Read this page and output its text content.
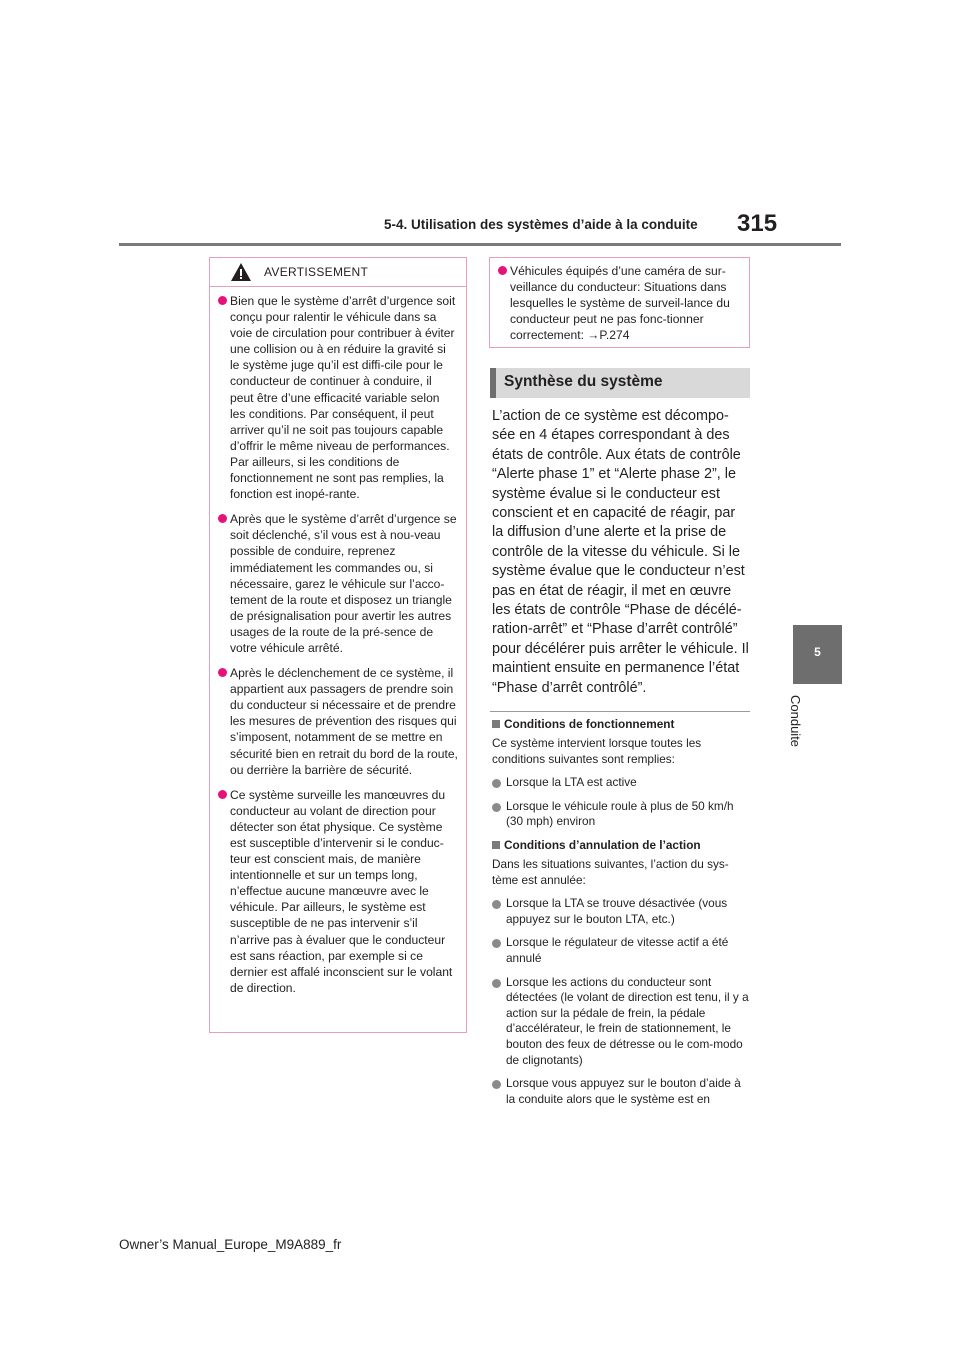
5-4. Utilisation des systèmes d’aide à la conduite 315
5
Conduite
AVERTISSEMENT
Bien que le système d’arrêt d’urgence soit conçu pour ralentir le véhicule dans sa voie de circulation pour contribuer à éviter une collision ou à en réduire la gravité si le système juge qu’il est diffi-cile pour le conducteur de continuer à conduire, il peut être d’une efficacité variable selon les conditions. Par conséquent, il peut arriver qu’il ne soit pas toujours capable d’offrir le même niveau de performances. Par ailleurs, si les conditions de fonctionnement ne sont pas remplies, la fonction est inopé-rante.
Après que le système d’arrêt d’urgence se soit déclenché, s’il vous est à nou-veau possible de conduire, reprenez immédiatement les commandes ou, si nécessaire, garez le véhicule sur l’acco-tement de la route et disposez un triangle de présignalisation pour avertir les autres usages de la route de la pré-sence de votre véhicule arrêté.
Après le déclenchement de ce système, il appartient aux passagers de prendre soin du conducteur si nécessaire et de prendre les mesures de prévention des risques qui s’imposent, notamment de se mettre en sécurité bien en retrait du bord de la route, ou derrière la barrière de sécurité.
Ce système surveille les manœuvres du conducteur au volant de direction pour détecter son état physique. Ce système est susceptible d’intervenir si le conduc-teur est conscient mais, de manière intentionnelle et sur un temps long, n’effectue aucune manœuvre avec le véhicule. Par ailleurs, le système est susceptible de ne pas intervenir s’il n’arrive pas à évaluer que le conducteur est sans réaction, par exemple si ce dernier est affalé inconscient sur le volant de direction.
Véhicules équipés d’une caméra de sur-veillance du conducteur: Situations dans lesquelles le système de surveil-lance du conducteur peut ne pas fonc-tionner correctement: →P.274
Synthèse du système

L’action de ce système est décompo-sée en 4 étapes correspondant à des états de contrôle. Aux états de contrôle “Alerte phase 1” et “Alerte phase 2”, le système évalue si le conducteur est conscient et en capacité de réagir, par la diffusion d’une alerte et la prise de contrôle de la vitesse du véhicule. Si le système évalue que le conducteur n’est pas en état de réagir, il met en œuvre les états de contrôle “Phase de décélé-ration-arrêt” et “Phase d’arrêt contrôlé” pour décélérer puis arrêter le véhicule. Il maintient ensuite en permanence l’état “Phase d’arrêt contrôlé”.

Conditions de fonctionnement
Ce système intervient lorsque toutes les conditions suivantes sont remplies:
Lorsque la LTA est active
Lorsque le véhicule roule à plus de 50 km/h (30 mph) environ
Conditions d’annulation de l’action
Dans les situations suivantes, l’action du sys-tème est annulée:
Lorsque la LTA se trouve désactivée (vous appuyez sur le bouton LTA, etc.)
Lorsque le régulateur de vitesse actif a été annulé
Lorsque les actions du conducteur sont détectées (le volant de direction est tenu, il y a action sur la pédale de frein, la pédale d’accélérateur, le frein de stationnement, le bouton des feux de détresse ou le com-modo de clignotants)
Lorsque vous appuyez sur le bouton d’aide à la conduite alors que le système est en
Owner’s Manual_Europe_M9A889_fr
